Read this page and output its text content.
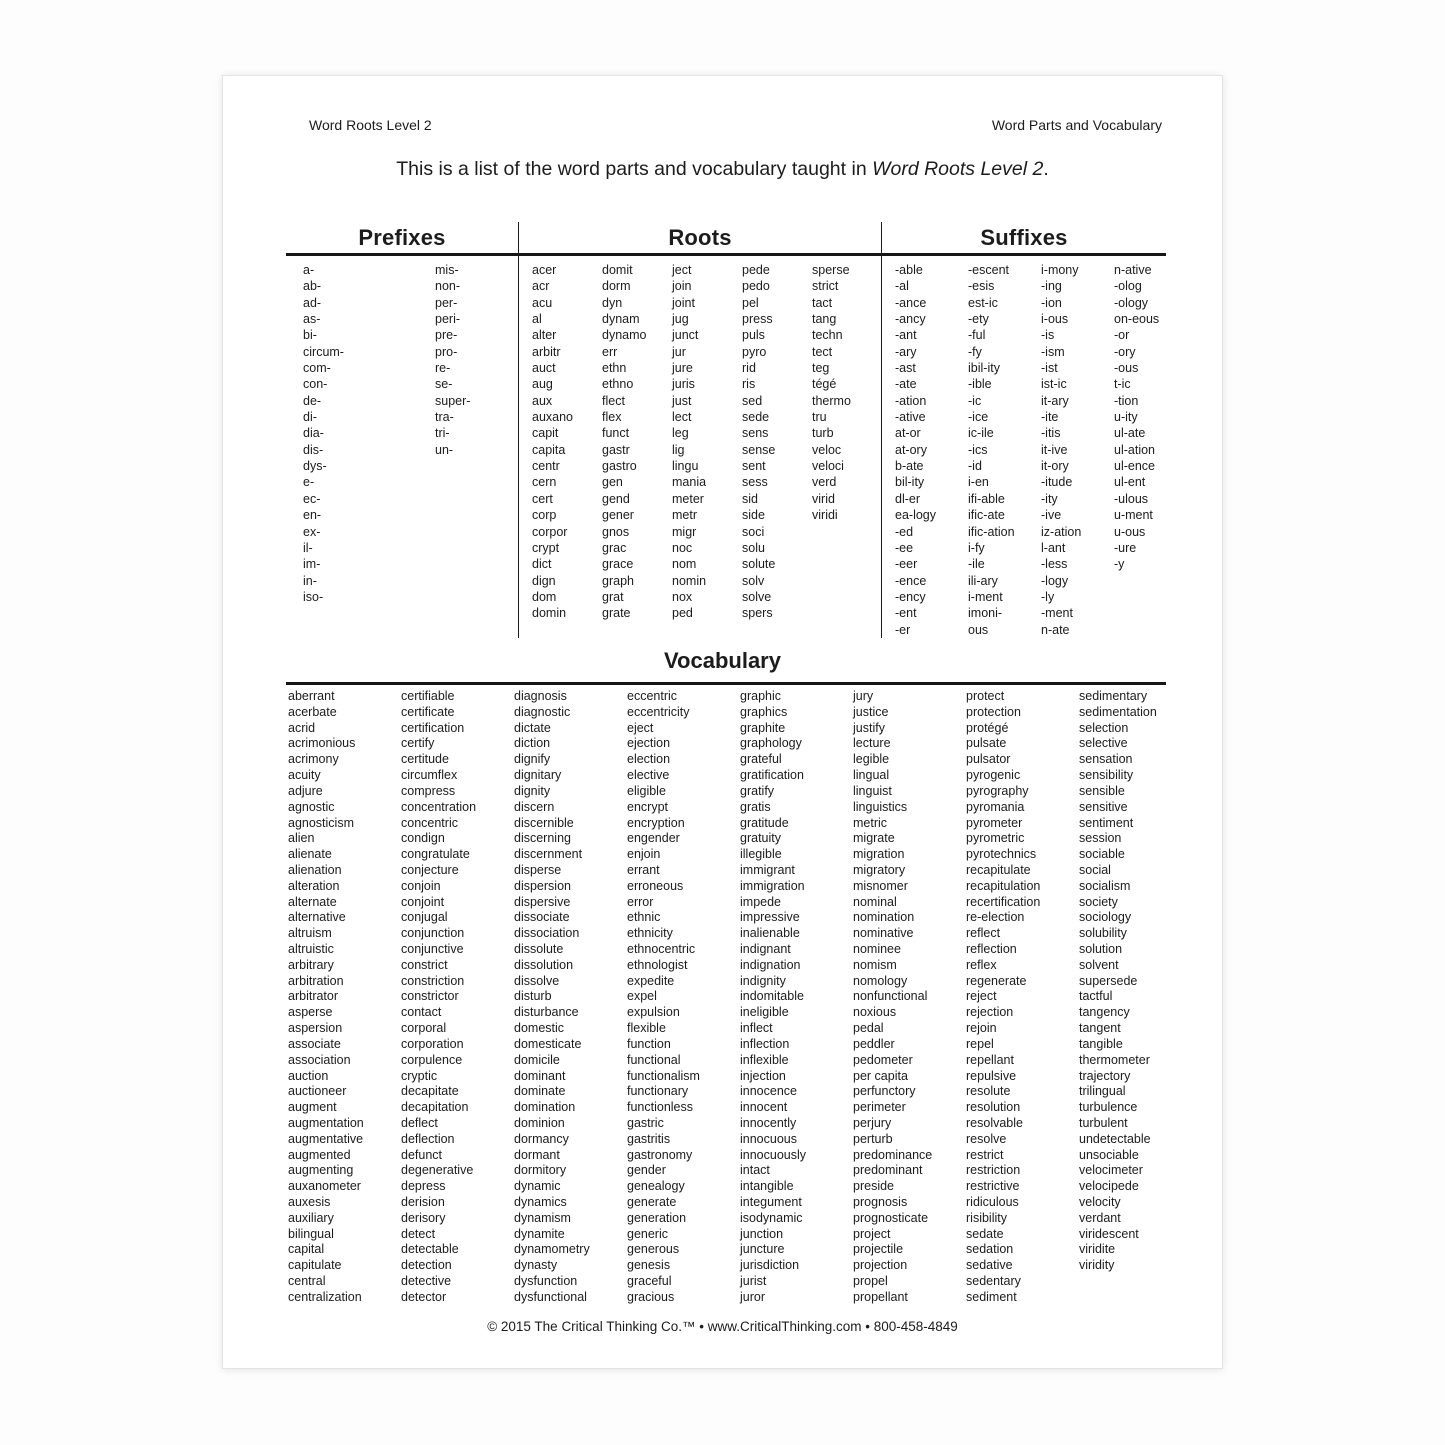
Word Roots Level 2	Word Parts and Vocabulary
This is a list of the word parts and vocabulary taught in Word Roots Level 2.
Prefixes
a-
ab-
ad-
as-
bi-
circum-
com-
con-
de-
di-
dia-
dis-
dys-
e-
ec-
en-
ex-
il-
im-
in-
iso-
mis-
non-
per-
peri-
pre-
pro-
re-
se-
super-
tra-
tri-
un-
Roots
acer
acr
acu
al
alter
arbitr
auct
aug
aux
auxano
capit
capita
centr
cern
cert
corp
corpor
crypt
dict
dign
dom
domin
domit
dorm
dyn
dynam
dynamo
err
ethn
ethno
flect
flex
funct
gastr
gastro
gen
gend
gener
gnos
grac
grace
graph
grat
grate
ject
join
joint
jug
junct
jur
jure
juris
just
lect
leg
lig
lingu
mania
meter
metr
migr
noc
nom
nomin
nox
ped
pede
pedo
pel
press
puls
pyro
rid
ris
sed
sede
sens
sense
sent
sess
sid
side
soci
solu
solute
solv
solve
spers
sperse
strict
tact
tang
techn
tect
teg
tégé
thermo
tru
turb
veloc
veloci
verd
virid
viridi
Suffixes
-able
-al
-ance
-ancy
-ant
-ary
-ast
-ate
-ation
-ative
at-or
at-ory
b-ate
bil-ity
dl-er
ea-logy
-ed
-ee
-eer
-ence
-ency
-ent
-er
-escent
-esis
est-ic
-ety
-ful
-fy
ibil-ity
-ible
-ic
-ice
ic-ile
-ics
-id
i-en
ifi-able
ific-ate
ific-ation
i-fy
-ile
ili-ary
i-ment
imoni-
ous
i-mony
-ing
-ion
i-ous
-is
-ism
-ist
ist-ic
it-ary
-ite
-itis
it-ive
it-ory
-itude
-ity
-ive
iz-ation
l-ant
-less
-logy
-ly
-ment
n-ate
n-ative
-olog
-ology
on-eous
-or
-ory
-ous
t-ic
-tion
u-ity
ul-ate
ul-ation
ul-ence
ul-ent
-ulous
u-ment
u-ous
-ure
-y
Vocabulary
aberrant
acerbate
acrid
acrimonious
acrimony
acuity
adjure
agnostic
agnosticism
alien
alienate
alienation
alteration
alternate
alternative
altruism
altruistic
arbitrary
arbitration
arbitrator
asperse
aspersion
associate
association
auction
auctioneer
augment
augmentation
augmentative
augmented
augmenting
auxanometer
auxesis
auxiliary
bilingual
capital
capitulate
central
centralization
certifiable
certificate
certification
certify
certitude
circumflex
compress
concentration
concentric
condign
congratulate
conjecture
conjoin
conjoint
conjugal
conjunction
conjunctive
constrict
constriction
constrictor
contact
corporal
corporation
corpulence
cryptic
decapitate
decapitation
deflect
deflection
defunct
degenerative
depress
derision
derisory
detect
detectable
detection
detective
detector
diagnosis
diagnostic
dictate
diction
dignify
dignitary
dignity
discern
discernible
discerning
discernment
disperse
dispersion
dispersive
dissociate
dissociation
dissolute
dissolution
dissolve
disturb
disturbance
domestic
domesticate
domicile
dominant
dominate
domination
dominion
dormancy
dormant
dormitory
dynamic
dynamics
dynamism
dynamite
dynamometry
dynasty
dysfunction
dysfunctional
eccentric
eccentricity
eject
ejection
election
elective
eligible
encrypt
encryption
engender
enjoin
errant
erroneous
error
ethnic
ethnicity
ethnocentric
ethnologist
expedite
expel
expulsion
flexible
function
functional
functionalism
functionary
functionless
gastric
gastritis
gastronomy
gender
genealogy
generate
generation
generic
generous
genesis
graceful
gracious
graphic
graphics
graphite
graphology
grateful
gratification
gratify
gratis
gratitude
gratuity
illegible
immigrant
immigration
impede
impressive
inalienable
indignant
indignation
indignity
indomitable
ineligible
inflect
inflection
inflexible
injection
innocence
innocent
innocently
innocuous
innocuously
intact
intangible
integument
isodynamic
junction
juncture
jurisdiction
jurist
juror
jury
justice
justify
lecture
legible
lingual
linguist
linguistics
metric
migrate
migration
migratory
misnomer
nominal
nomination
nominative
nominee
nomism
nomology
nonfunctional
noxious
pedal
peddler
pedometer
per capita
perfunctory
perimeter
perjury
perturb
predominance
predominant
preside
prognosis
prognosticate
project
projectile
projection
propel
propellant
protect
protection
protégé
pulsate
pulsator
pyrogenic
pyrography
pyromania
pyrometer
pyrometric
pyrotechnics
recapitulate
recapitulation
recertification
re-election
reflect
reflection
reflex
regenerate
reject
rejection
rejoin
repel
repellant
repulsive
resolute
resolution
resolvable
resolve
restrict
restriction
restrictive
ridiculous
risibility
sedate
sedation
sedative
sedentary
sediment
sedimentary
sedimentation
selection
selective
sensation
sensibility
sensible
sensitive
sentiment
session
sociable
social
socialism
society
sociology
solubility
solution
solvent
supersede
tactful
tangency
tangent
tangible
thermometer
trajectory
trilingual
turbulence
turbulent
undetectable
unsociable
velocimeter
velocipede
velocity
verdant
viridescent
viridite
viridity
© 2015 The Critical Thinking Co.™ • www.CriticalThinking.com • 800-458-4849
